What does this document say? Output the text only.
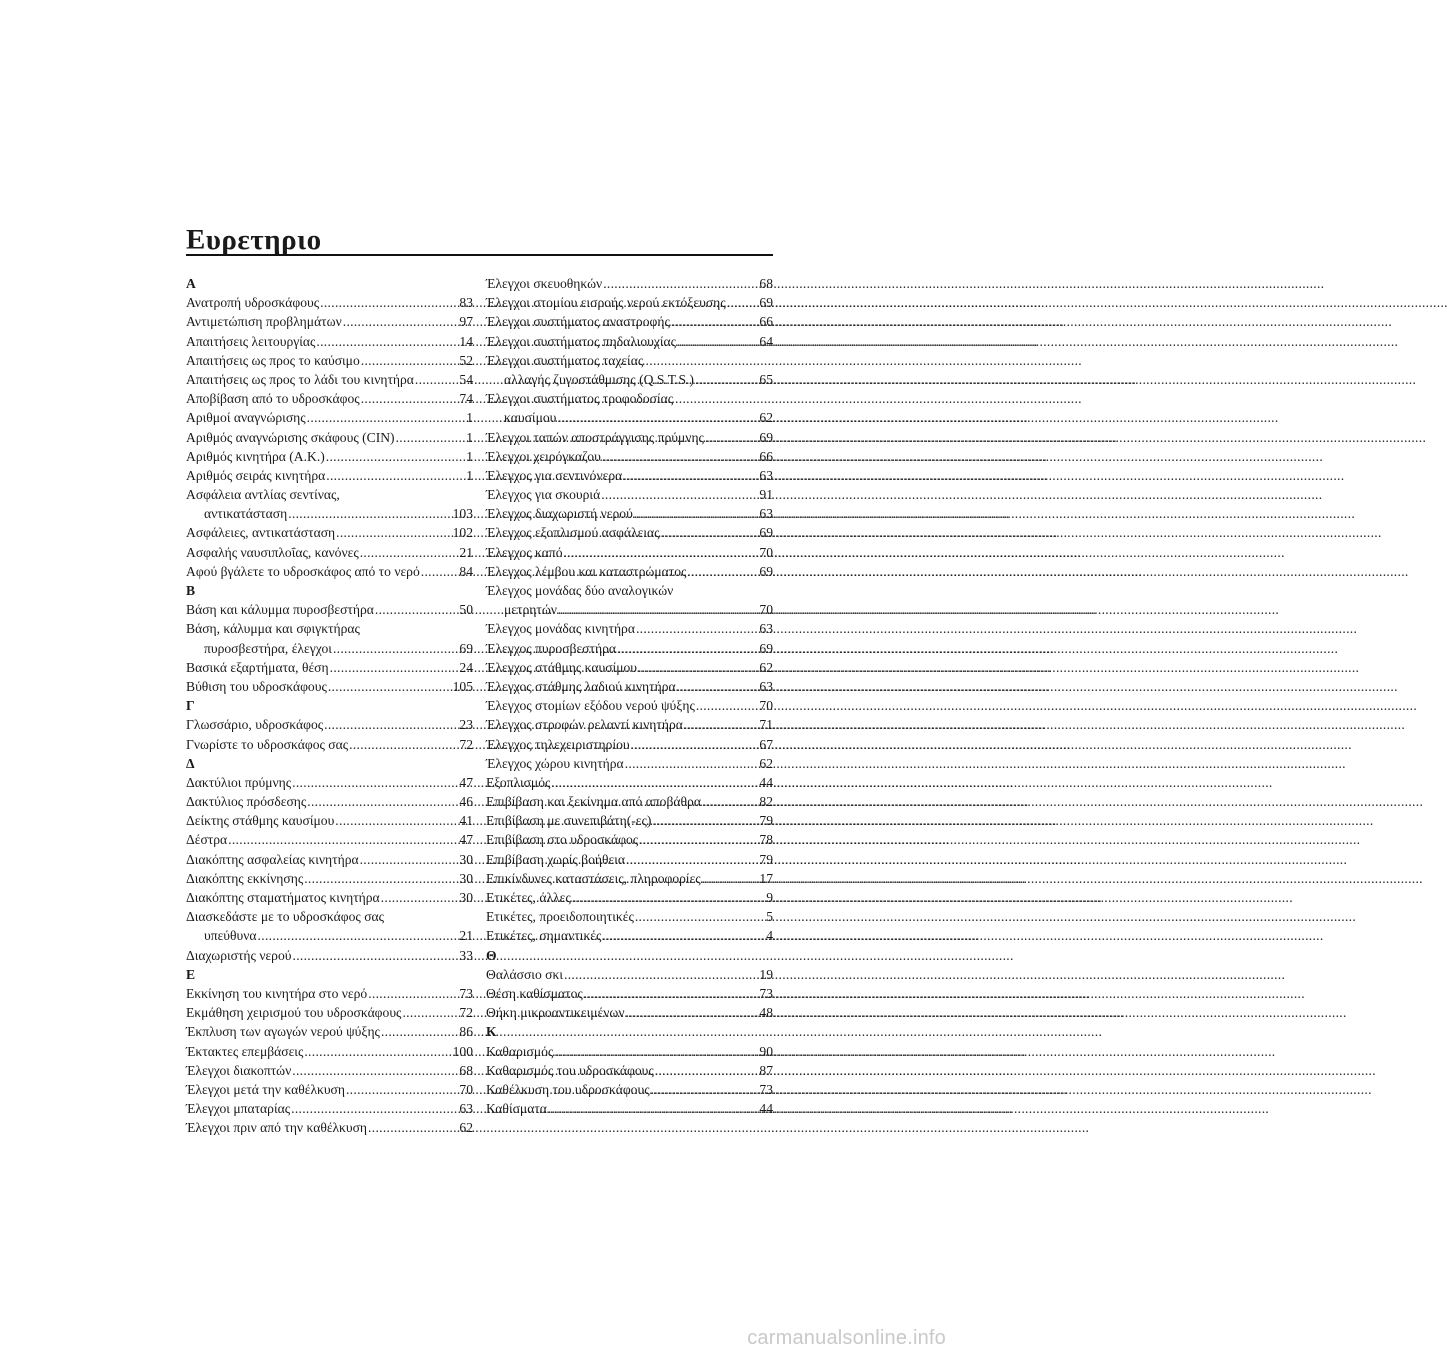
Ευρετηριο
Α
Ανατροπή υδροσκάφους .....	83
Αντιμετώπιση προβλημάτων .....	97
Απαιτήσεις λειτουργίας .....	14
Απαιτήσεις ως προς το καύσιμο .....	52
Απαιτήσεις ως προς το λάδι του κινητήρα .....	54
Αποβίβαση από το υδροσκάφος .....	74
Αριθμοί αναγνώρισης .....	1
Αριθμός αναγνώρισης σκάφους (CIN) .....	1
Αριθμός κινητήρα (Α.Κ.) .....	1
Αριθμός σειράς κινητήρα .....	1
Ασφάλεια αντλίας σεντίνας,
αντικατάσταση .....	103
Ασφάλειες, αντικατάσταση .....	102
Ασφαλής ναυσιπλοΐας, κανόνες .....	21
Αφού βγάλετε το υδροσκάφος από το νερό .....	84
Β
Βάση και κάλυμμα πυροσβεστήρα .....	50
Βάση, κάλυμμα και σφιγκτήρας
πυροσβεστήρα, έλεγχοι .....	69
Βασικά εξαρτήματα, θέση .....	24
Βύθιση του υδροσκάφους .....	105
Γ
Γλωσσάριο, υδροσκάφος .....	23
Γνωρίστε το υδροσκάφος σας .....	72
Δ
Δακτύλιοι πρύμνης .....	47
Δακτύλιος πρόσδεσης .....	46
Δείκτης στάθμης καυσίμου .....	41
Δέστρα .....	47
Διακόπτης ασφαλείας κινητήρα .....	30
Διακόπτης εκκίνησης .....	30
Διακόπτης σταματήματος κινητήρα .....	30
Διασκεδάστε με το υδροσκάφος σας
υπεύθυνα .....	21
Διαχωριστής νερού .....	33
Ε
Εκκίνηση του κινητήρα στο νερό .....	73
Εκμάθηση χειρισμού του υδροσκάφους .....	72
Έκπλυση των αγωγών νερού ψύξης .....	86
Έκτακτες επεμβάσεις .....	100
Έλεγχοι διακοπτών .....	68
Έλεγχοι μετά την καθέλκυση .....	70
Έλεγχοι μπαταρίας .....	63
Έλεγχοι πριν από την καθέλκυση .....	62
Έλεγχοι σκευοθηκών .....	68
Έλεγχοι στομίου εισροής νερού εκτόξευσης ..... 69
Έλεγχοι συστήματος αναστροφής .....	66
Έλεγχοι συστήματος πηδαλιουχίας .....	64
Έλεγχοι συστήματος ταχείας
αλλαγής ζυγοστάθμισης (Q.S.T.S.) .....	65
Έλεγχοι συστήματος τροφοδοσίας
καυσίμου .....	62
Έλεγχοι ταπών αποστράγγισης πρύμνης .....	69
Έλεγχοι χειρόγκαζου .....	66
Έλεγχος για σεντινόνερα .....	63
Έλεγχος για σκουριά .....	91
Έλεγχος διαχωριστή νερού .....	63
Έλεγχος εξοπλισμού ασφάλειας .....	69
Έλεγχος καπό .....	70
Έλεγχος λέμβου και καταστρώματος .....	69
Έλεγχος μονάδας δύο αναλογικών
μετρητών .....	70
Έλεγχος μονάδας κινητήρα .....	63
Έλεγχος πυροσβεστήρα .....	69
Έλεγχος στάθμης καυσίμου .....	62
Έλεγχος στάθμης λαδιού κινητήρα .....	63
Έλεγχος στομίων εξόδου νερού ψύξης .....	70
Έλεγχος στροφών ρελαντί κινητήρα .....	71
Έλεγχος τηλεχειριστηρίου .....	67
Έλεγχος χώρου κινητήρα .....	62
Εξοπλισμός .....	44
Επιβίβαση και ξεκίνημα από αποβάθρα .....	82
Επιβίβαση με συνεπιβάτη(-ες) .....	79
Επιβίβαση στο υδροσκάφος .....	78
Επιβίβαση χωρίς βοήθεια .....	79
Επικίνδυνες καταστάσεις, πληροφορίες .....	17
Ετικέτες, άλλες .....	9
Ετικέτες, προειδοποιητικές .....	5
Ετικέτες, σημαντικές .....	4
Θ
Θαλάσσιο σκι .....	19
Θέση καθίσματος .....	73
Θήκη μικροαντικειμένων .....	48
Κ
Καθαρισμός .....	90
Καθαρισμός του υδροσκάφους .....	87
Καθέλκυση του υδροσκάφους .....	73
Καθίσματα .....	44
carmanualsonline.info
